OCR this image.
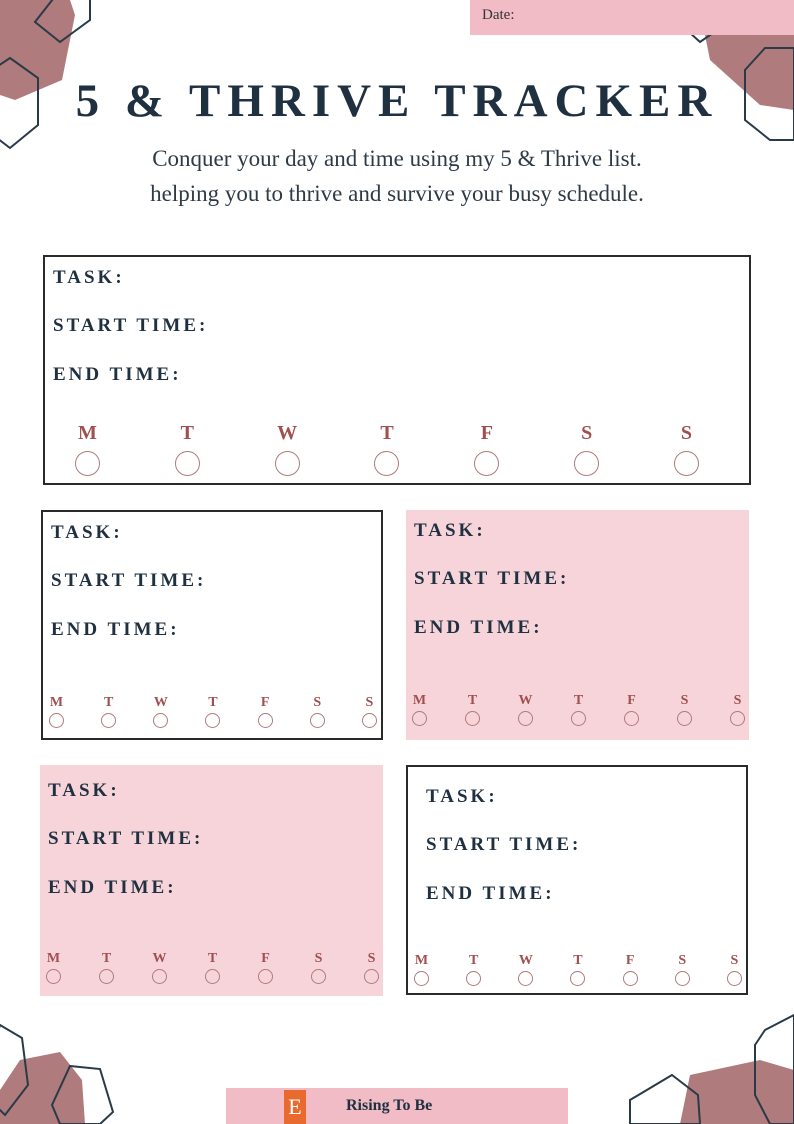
Date:
5 & THRIVE TRACKER
Conquer your day and time using my 5 & Thrive list.
helping you to thrive and survive your busy schedule.
TASK:
START TIME:
END TIME:
M	T	W	T	F	S	S
TASK:
START TIME:
END TIME:
M	T	W	T	F	S	S
TASK:
START TIME:
END TIME:
M	T	W	T	F	S	S
TASK:
START TIME:
END TIME:
M	T	W	T	F	S	S
TASK:
START TIME:
END TIME:
M	T	W	T	F	S	S
E	Rising To Be
